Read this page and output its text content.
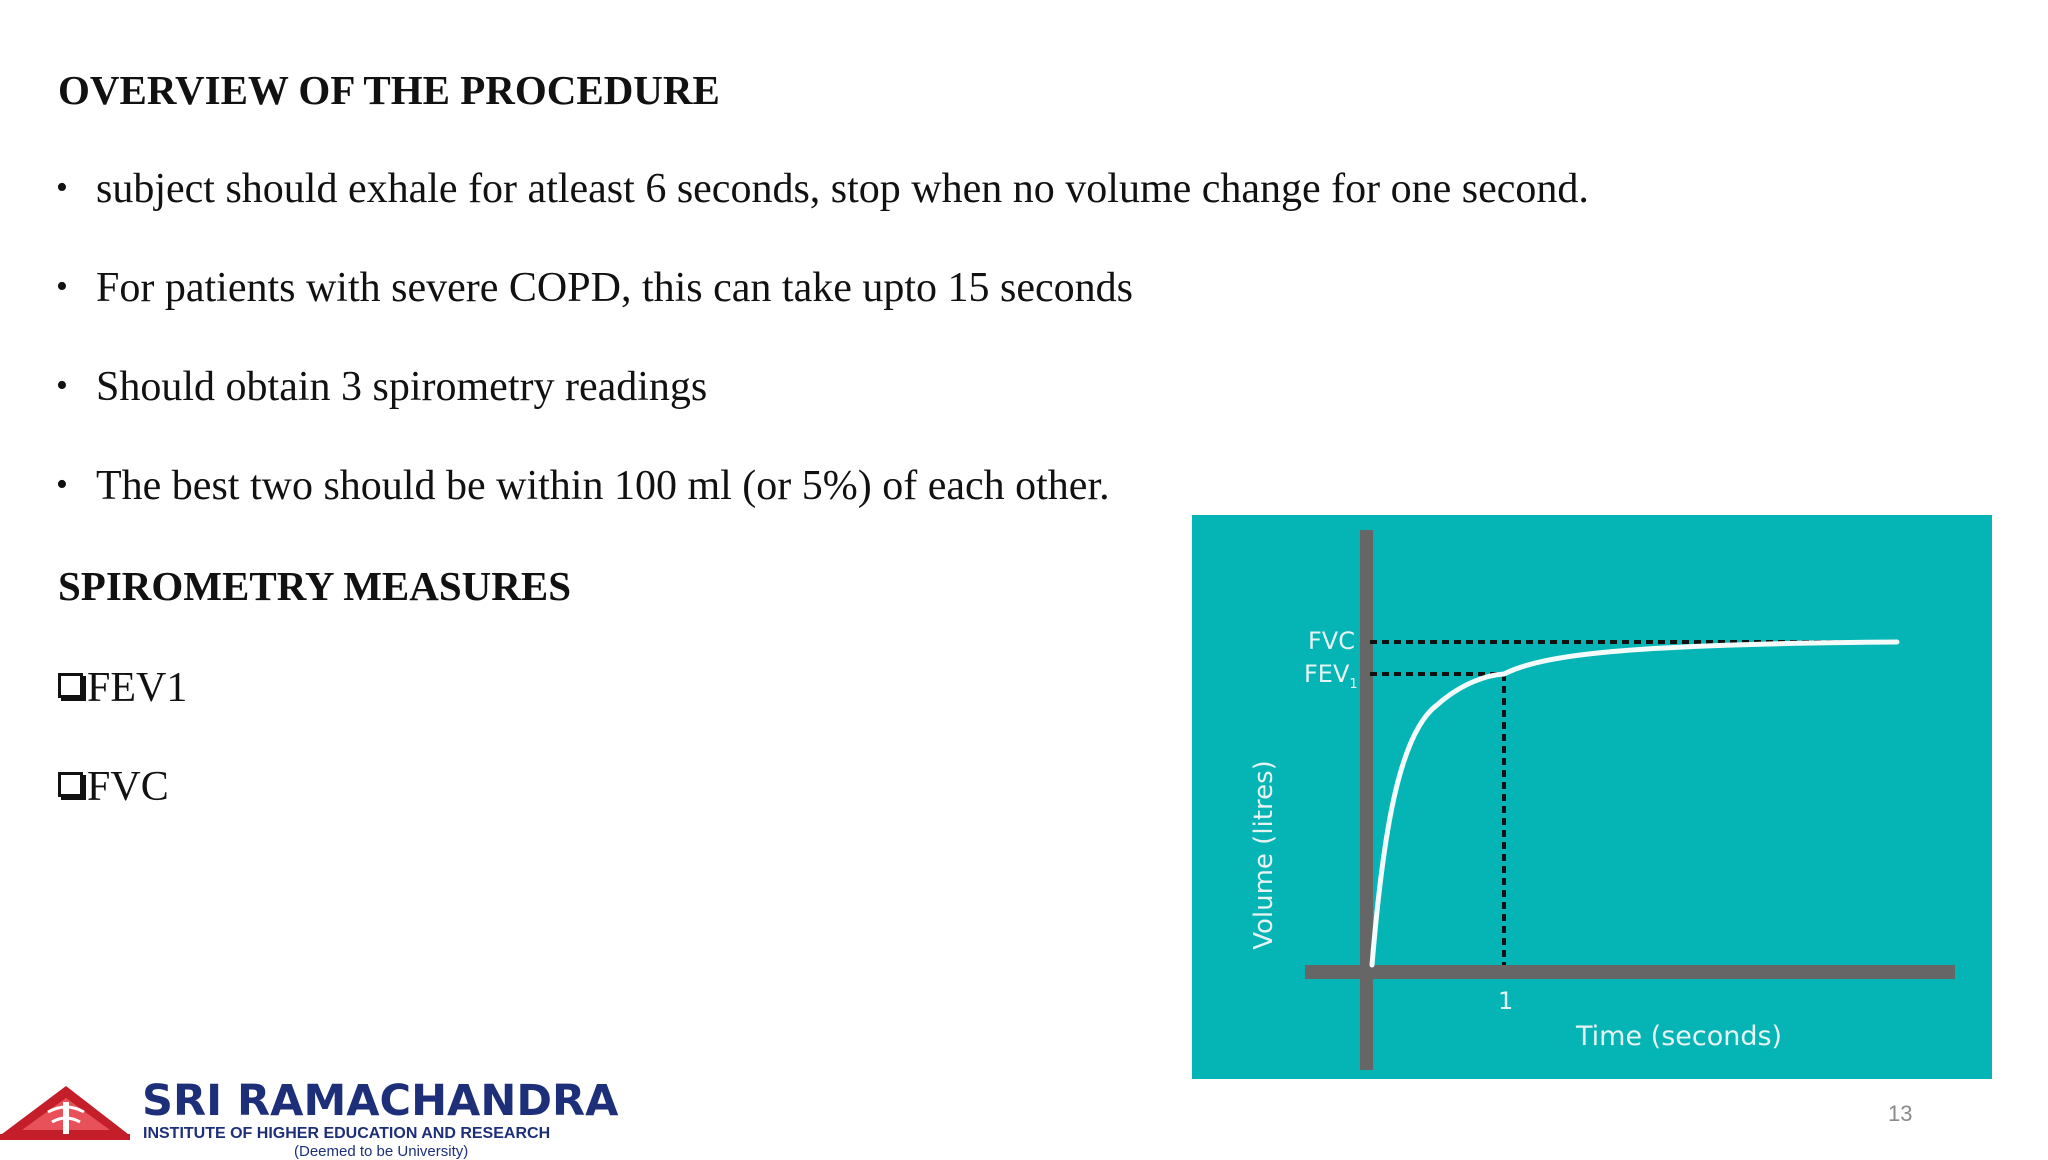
OVERVIEW OF THE PROCEDURE
• subject should exhale for atleast 6 seconds, stop when no volume change for one second.
• For patients with severe COPD, this can take upto 15 seconds
• Should obtain 3 spirometry readings
• The best two should be within 100 ml (or 5%) of each other.
SPIROMETRY MEASURES
FEV1
FVC
FVC
$FEV_1$
1
Time (seconds)
Volume (litres)
13
SRI RAMACHANDRA
INSTITUTE OF HIGHER EDUCATION AND RESEARCH
(Deemed to be University)
